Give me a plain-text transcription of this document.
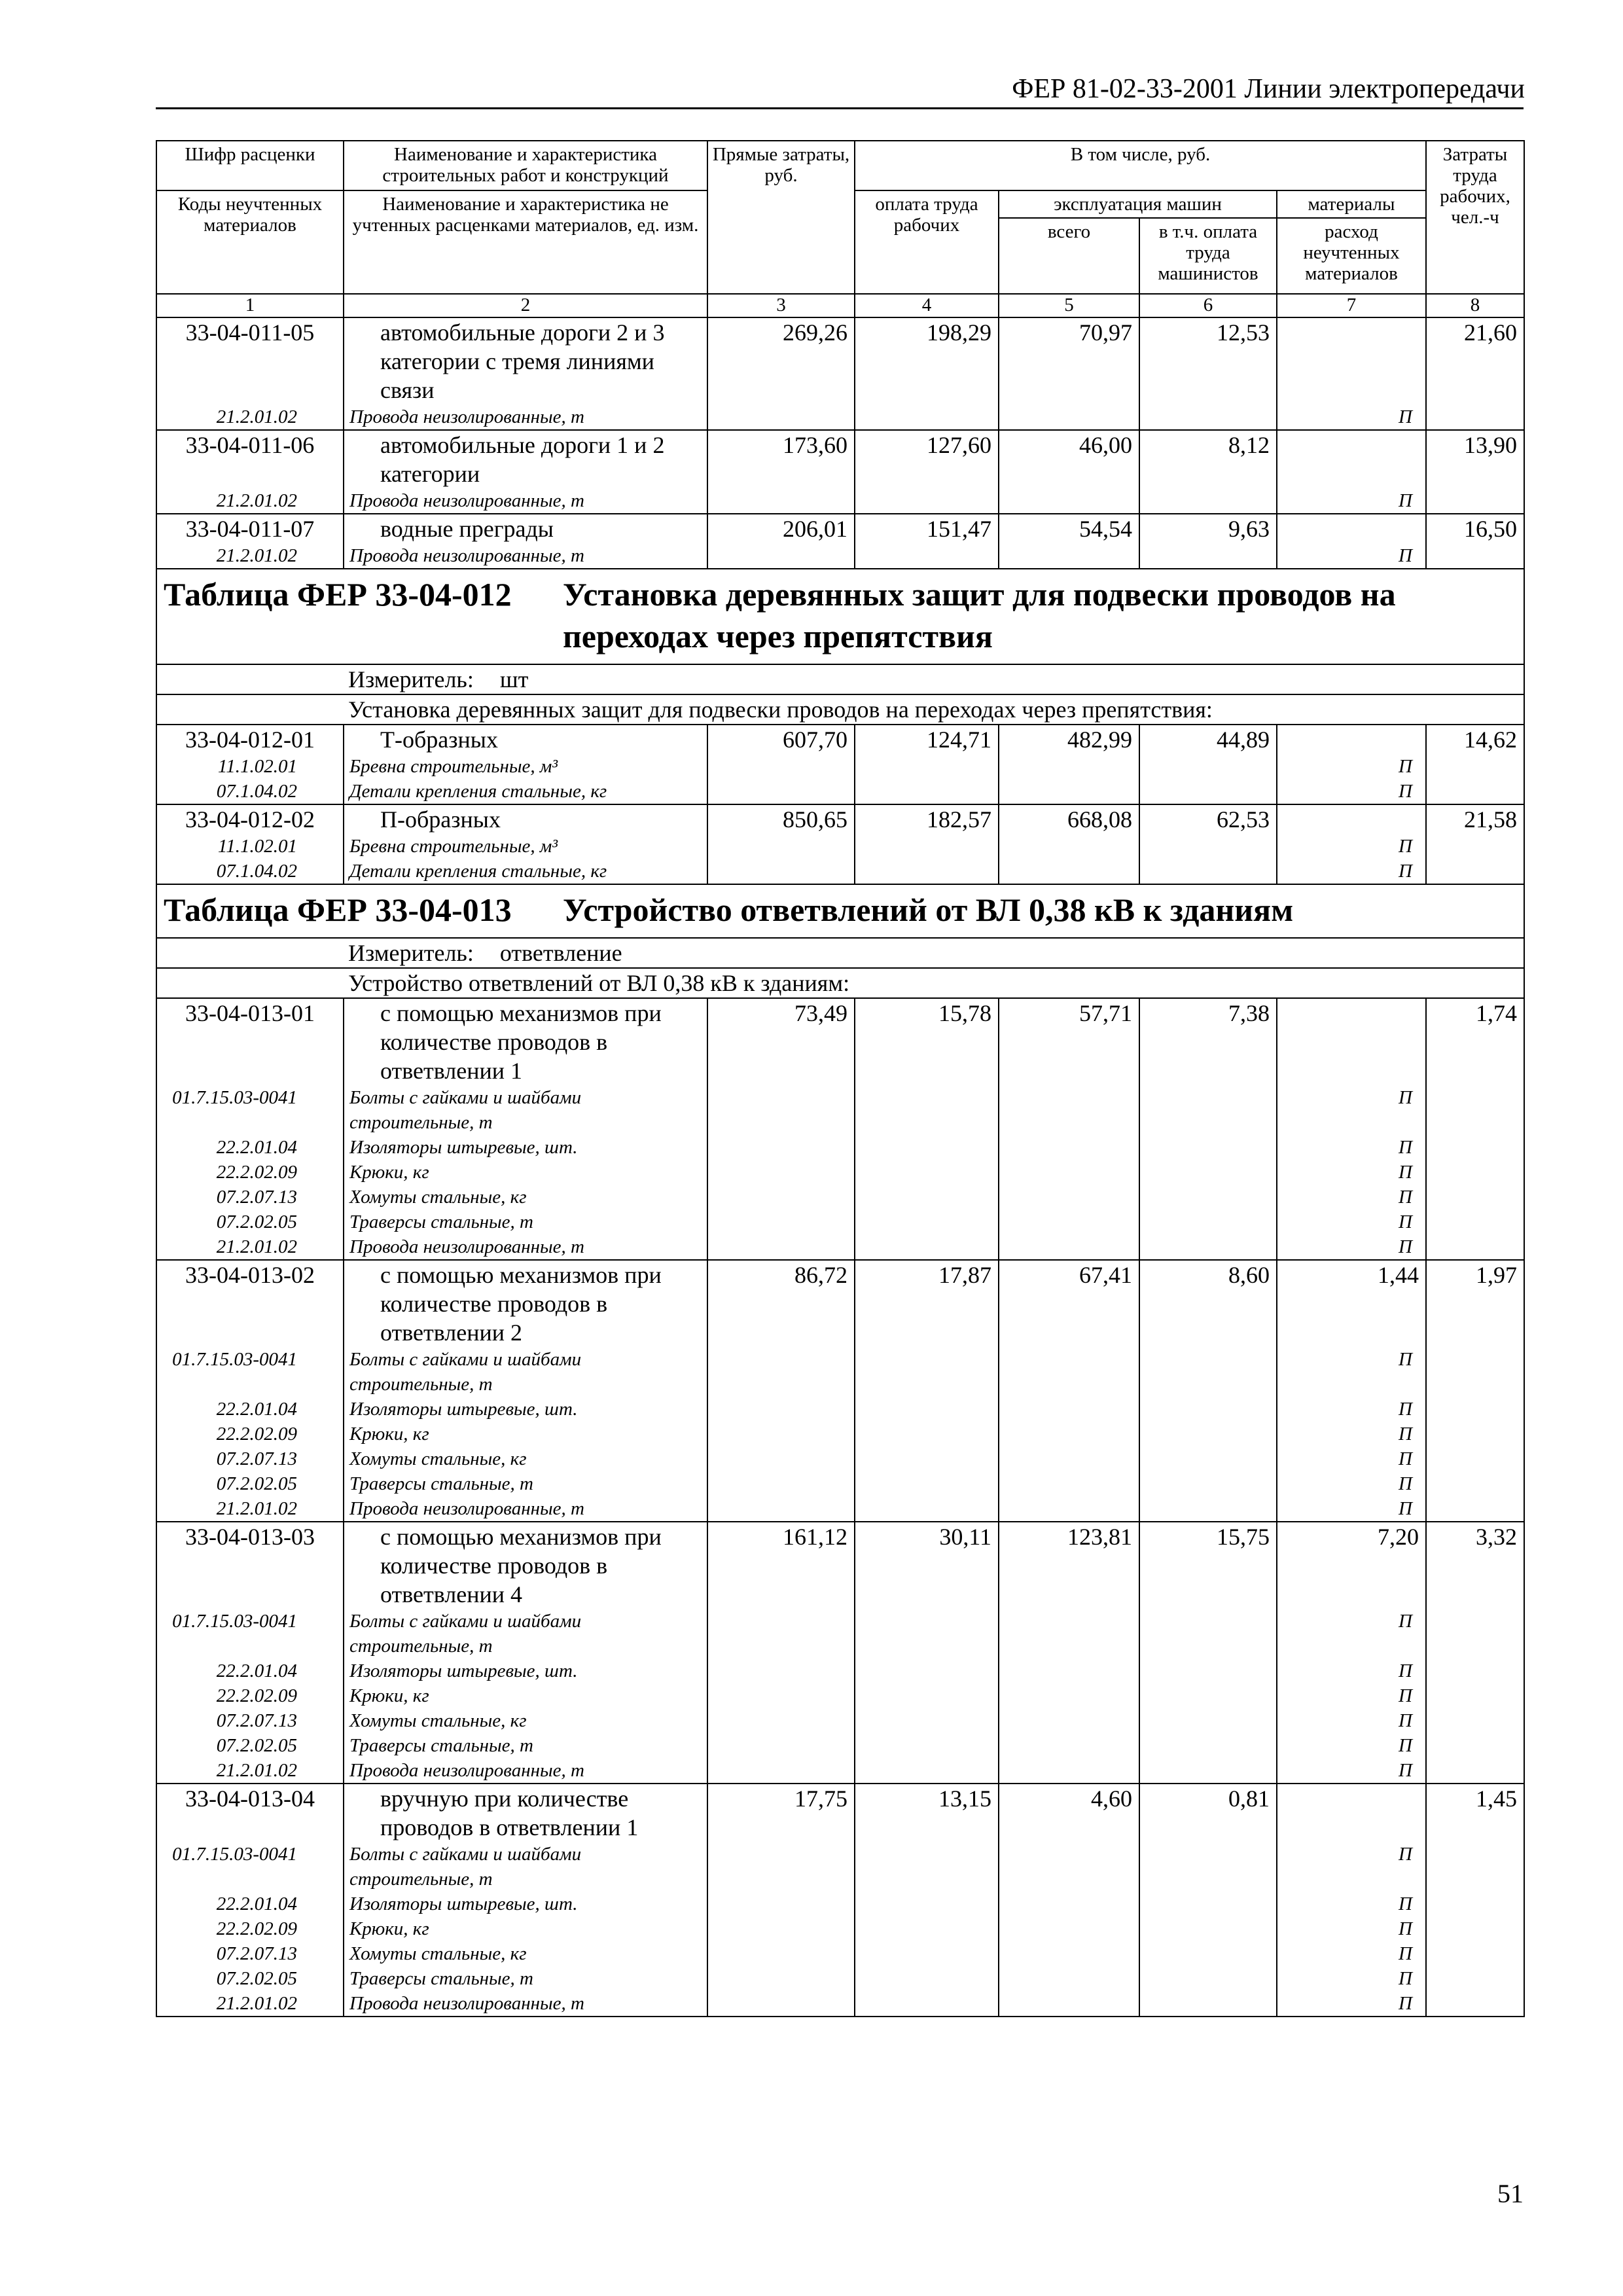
ФЕР 81-02-33-2001 Линии электропередачи
Шифр расценки	Наименование и характеристика строительных работ и конструкций	Прямые затраты, руб.	В том числе, руб.				Затраты труда рабочих, чел.-ч
Коды неучтенных материалов	Наименование и характеристика не учтенных расценками материалов, ед. изм.		оплата труда рабочих	эксплуатация машин		материалы	
				всего	в т.ч. оплата труда машинистов	расход неучтенных материалов	
1	2	3	4	5	6	7	8
33-04-011-05	автомобильные дороги 2 и 3 категории с тремя линиями связи	269,26	198,29	70,97	12,53		21,60
21.2.01.02	Провода неизолированные, т					П	
33-04-011-06	автомобильные дороги 1 и 2 категории	173,60	127,60	46,00	8,12		13,90
21.2.01.02	Провода неизолированные, т					П	
33-04-011-07	водные преграды	206,01	151,47	54,54	9,63		16,50
21.2.01.02	Провода неизолированные, т					П	

Таблица ФЕР 33-04-012 Установка деревянных защит для подвески проводов на переходах через препятствия							

Измеритель: шт							
Установка деревянных защит для подвески проводов на переходах через препятствия:							
33-04-012-01	Т-образных	607,70	124,71	482,99	44,89		14,62
11.1.02.01	Бревна строительные, м³					П	
07.1.04.02	Детали крепления стальные, кг					П	
33-04-012-02	П-образных	850,65	182,57	668,08	62,53		21,58
11.1.02.01	Бревна строительные, м³					П	
07.1.04.02	Детали крепления стальные, кг					П	

Таблица ФЕР 33-04-013 Устройство ответвлений от ВЛ 0,38 кВ к зданиям							

Измеритель: ответвление							
Устройство ответвлений от ВЛ 0,38 кВ к зданиям:							
33-04-013-01	с помощью механизмов при количестве проводов в ответвлении 1	73,49	15,78	57,71	7,38		1,74
01.7.15.03-0041	Болты с гайками и шайбами					П	
	строительные, т						
22.2.01.04	Изоляторы штыревые, шт.					П	
22.2.02.09	Крюки, кг					П	
07.2.07.13	Хомуты стальные, кг					П	
07.2.02.05	Траверсы стальные, т					П	
21.2.01.02	Провода неизолированные, т					П	
33-04-013-02	с помощью механизмов при количестве проводов в ответвлении 2	86,72	17,87	67,41	8,60	1,44	1,97
01.7.15.03-0041	Болты с гайками и шайбами					П	
	строительные, т						
22.2.01.04	Изоляторы штыревые, шт.					П	
22.2.02.09	Крюки, кг					П	
07.2.07.13	Хомуты стальные, кг					П	
07.2.02.05	Траверсы стальные, т					П	
21.2.01.02	Провода неизолированные, т					П	
33-04-013-03	с помощью механизмов при количестве проводов в ответвлении 4	161,12	30,11	123,81	15,75	7,20	3,32
01.7.15.03-0041	Болты с гайками и шайбами					П	
	строительные, т						
22.2.01.04	Изоляторы штыревые, шт.					П	
22.2.02.09	Крюки, кг					П	
07.2.07.13	Хомуты стальные, кг					П	
07.2.02.05	Траверсы стальные, т					П	
21.2.01.02	Провода неизолированные, т					П	
33-04-013-04	вручную при количестве проводов в ответвлении 1	17,75	13,15	4,60	0,81		1,45
01.7.15.03-0041	Болты с гайками и шайбами					П	
	строительные, т						
22.2.01.04	Изоляторы штыревые, шт.					П	
22.2.02.09	Крюки, кг					П	
07.2.07.13	Хомуты стальные, кг					П	
07.2.02.05	Траверсы стальные, т					П	
21.2.01.02	Провода неизолированные, т					П	
51
